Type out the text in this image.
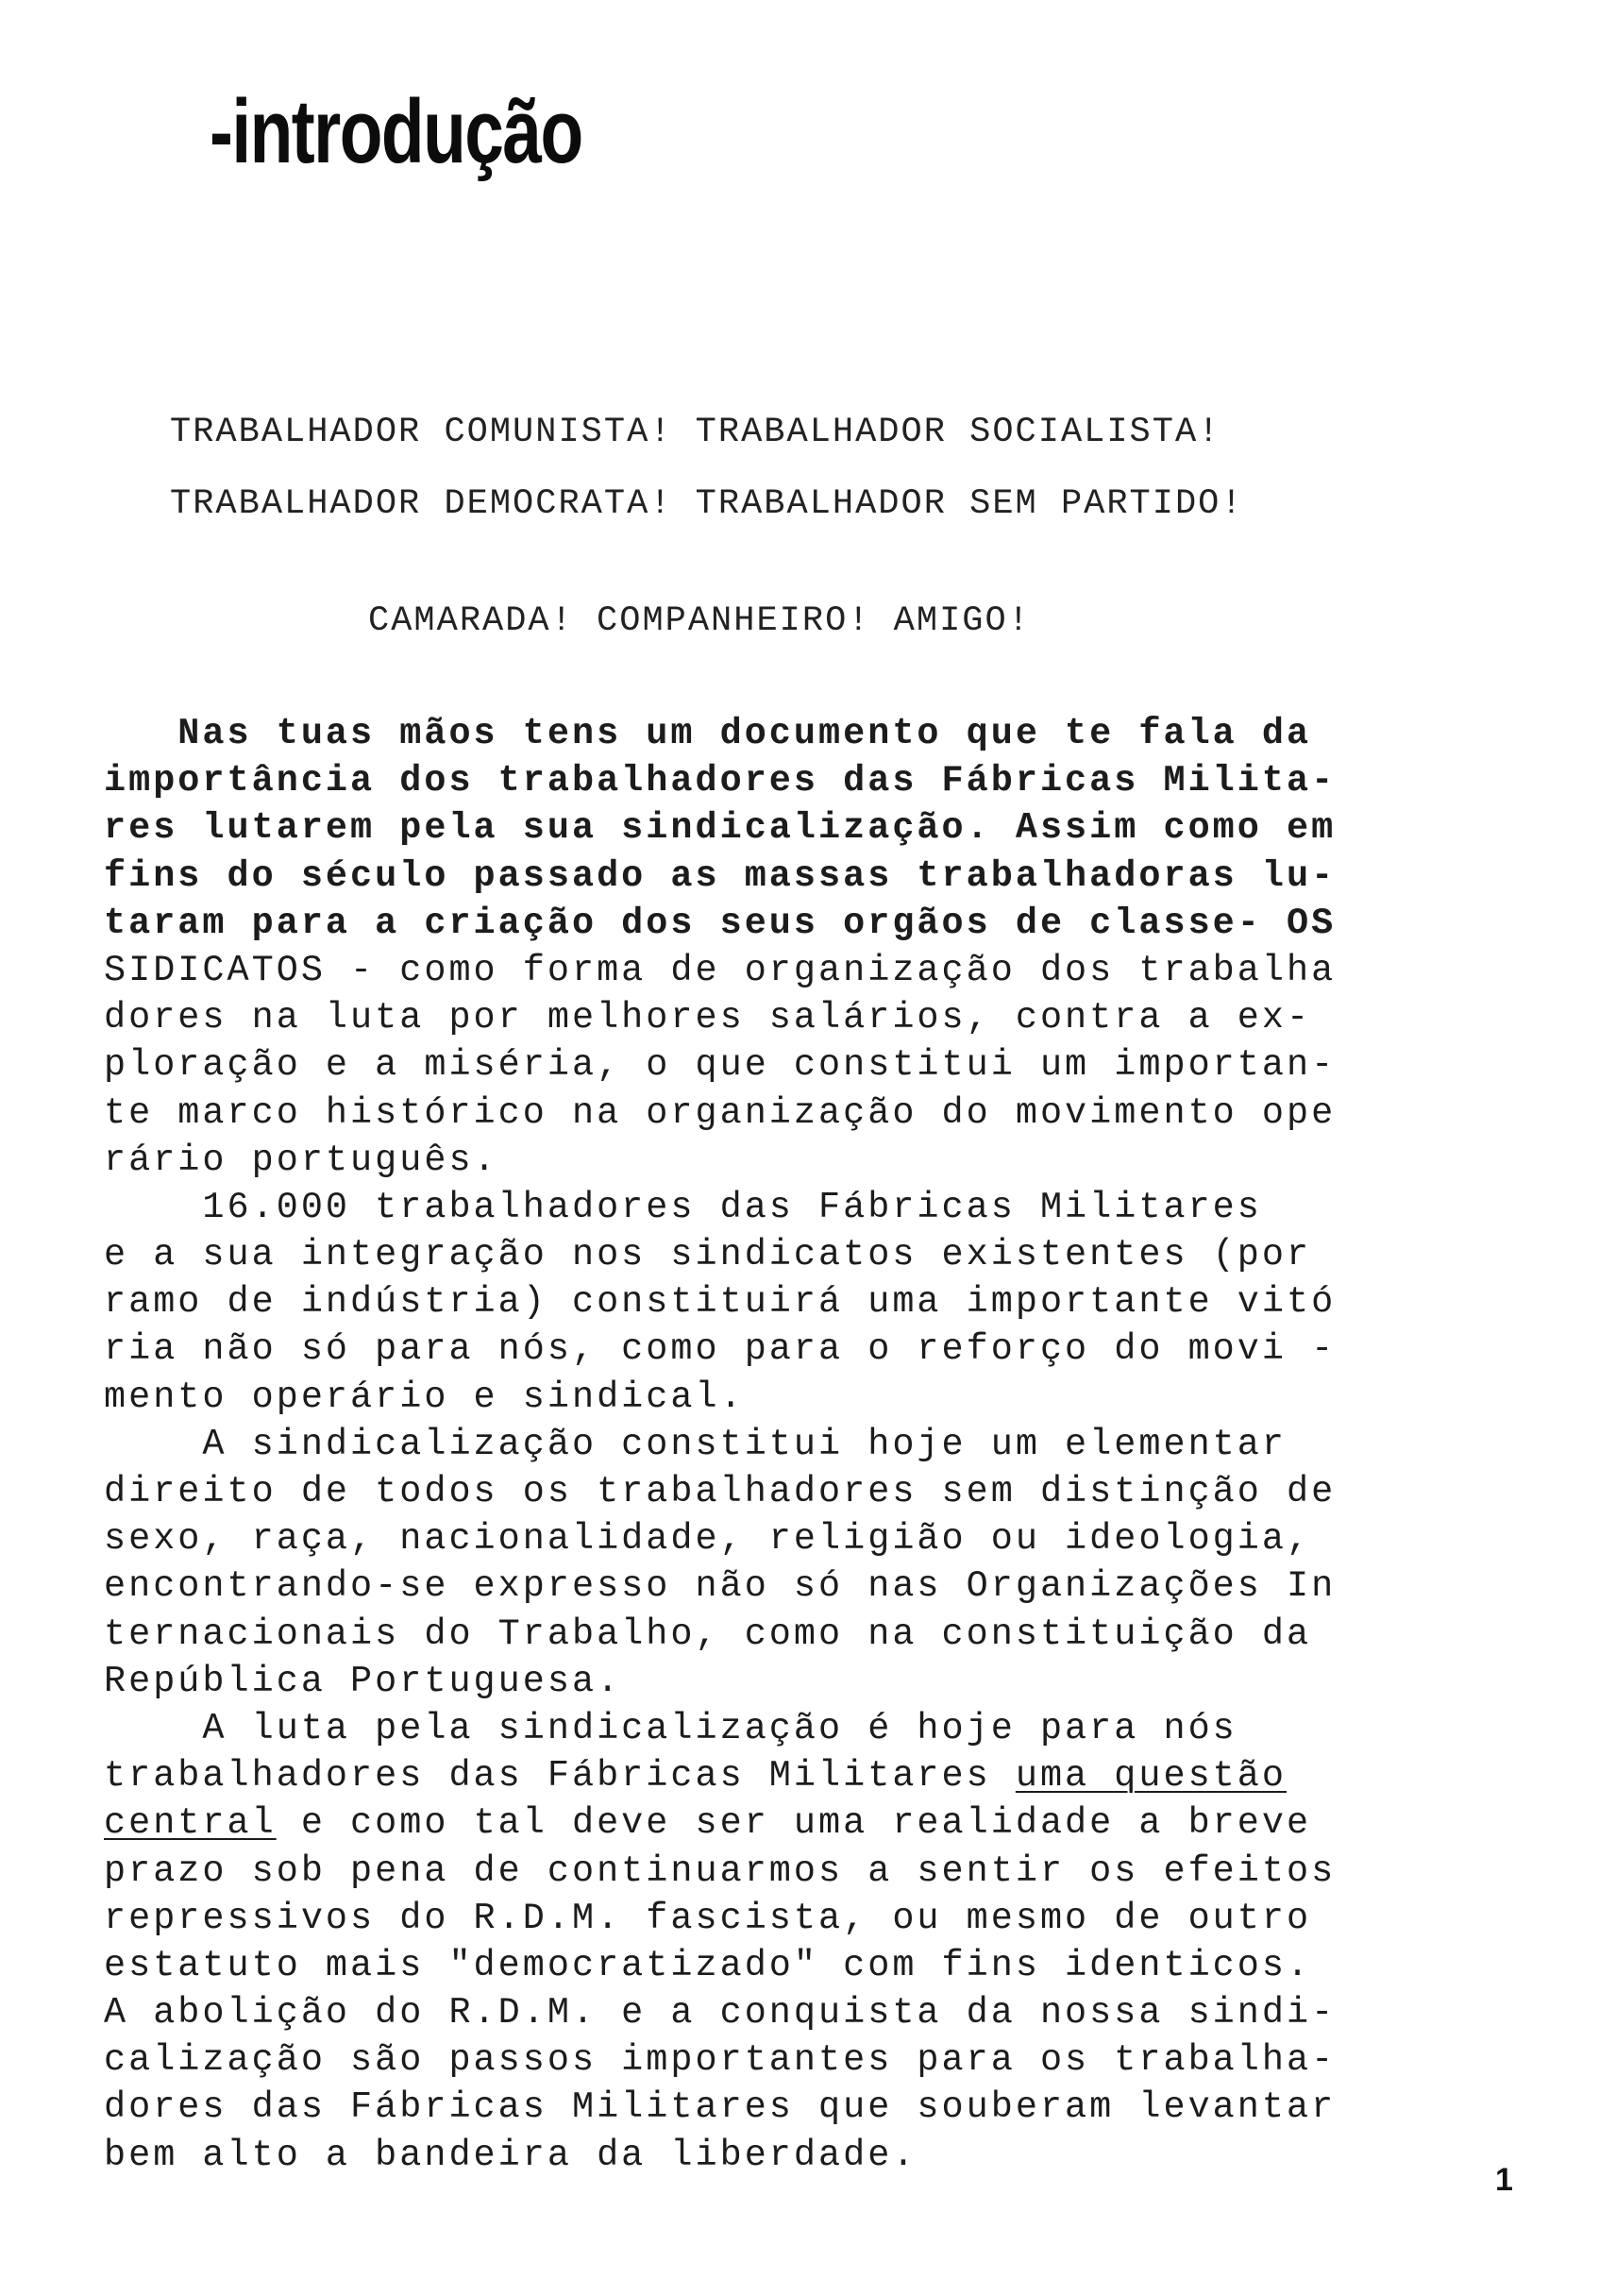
-introdução
TRABALHADOR COMUNISTA! TRABALHADOR SOCIALISTA!
TRABALHADOR DEMOCRATA! TRABALHADOR SEM PARTIDO!
CAMARADA! COMPANHEIRO! AMIGO!
Nas tuas mãos tens um documento que te fala da
importância dos trabalhadores das Fábricas Milita-
res lutarem pela sua sindicalização. Assim como em
fins do século passado as massas trabalhadoras lu-
taram para a criação dos seus orgãos de classe- OS
SIDICATOS - como forma de organização dos trabalha
dores na luta por melhores salários, contra a ex-
ploração e a miséria, o que constitui um importan-
te marco histórico na organização do movimento ope
rário português.
16.000 trabalhadores das Fábricas Militares
e a sua integração nos sindicatos existentes (por
ramo de indústria) constituirá uma importante vitó
ria não só para nós, como para o reforço do movi -
mento operário e sindical.
A sindicalização constitui hoje um elementar
direito de todos os trabalhadores sem distinção de
sexo, raça, nacionalidade, religião ou ideologia,
encontrando-se expresso não só nas Organizações In
ternacionais do Trabalho, como na constituição da
República Portuguesa.
A luta pela sindicalização é hoje para nós
trabalhadores das Fábricas Militares uma questão
central e como tal deve ser uma realidade a breve
prazo sob pena de continuarmos a sentir os efeitos
repressivos do R.D.M. fascista, ou mesmo de outro
estatuto mais "democratizado" com fins identicos.
A abolição do R.D.M. e a conquista da nossa sindi-
calização são passos importantes para os trabalha-
dores das Fábricas Militares que souberam levantar
bem alto a bandeira da liberdade.
1
